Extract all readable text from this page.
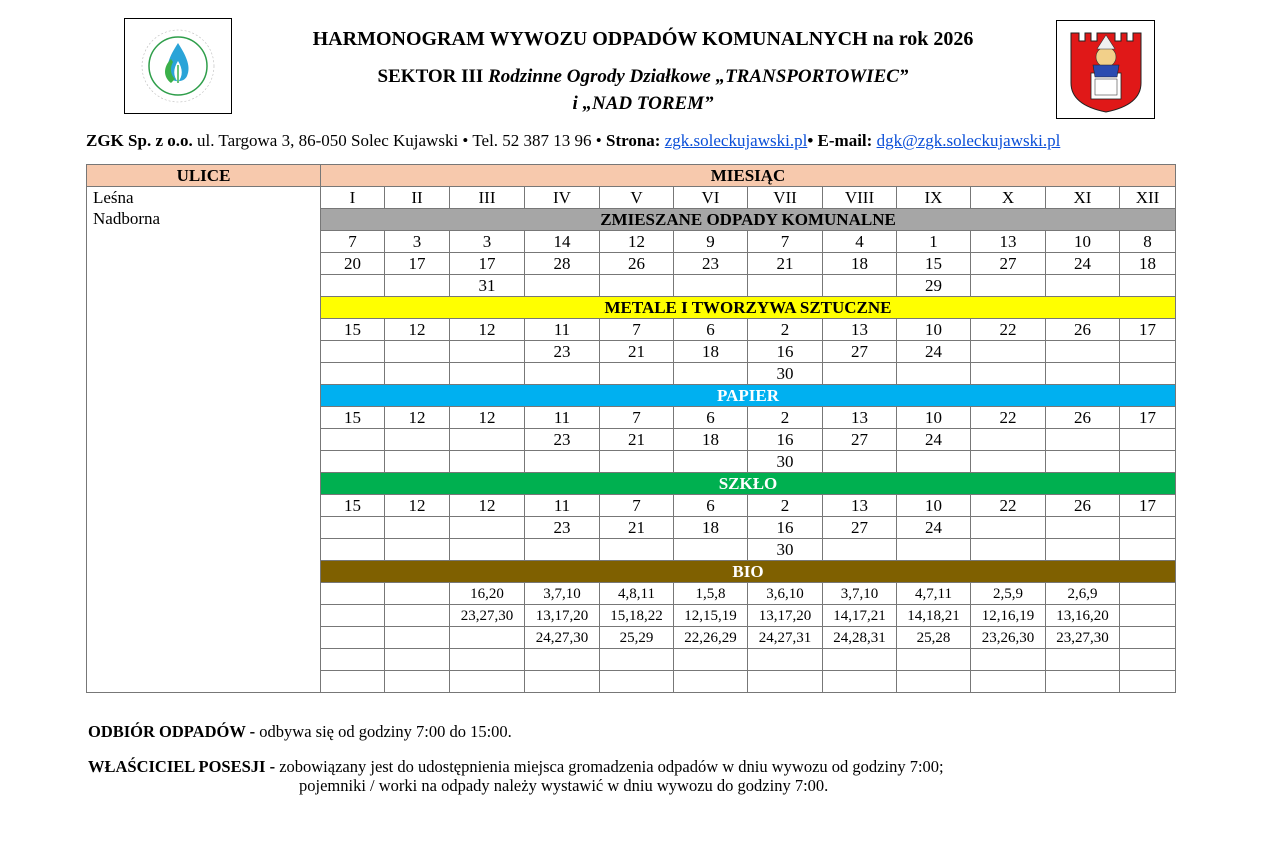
HARMONOGRAM WYWOZU ODPADÓW KOMUNALNYCH na rok 2026
SEKTOR III Rodzinne Ogrody Działkowe „TRANSPORTOWIEC”
i „NAD TOREM”
ZGK Sp. z o.o. ul. Targowa 3, 86-050 Solec Kujawski • Tel. 52 387 13 96 • Strona: zgk.soleckujawski.pl• E-mail: dgk@zgk.soleckujawski.pl
ULICE	MIESIĄC											

Leśna
Nadborna	I	II	III	IV	V	VI	VII	VIII	IX	X	XI	XII
	ZMIESZANE ODPADY KOMUNALNE											
	7	3	3	14	12	9	7	4	1	13	10	8
	20	17	17	28	26	23	21	18	15	27	24	18
			31						29			
	METALE I TWORZYWA SZTUCZNE											
	15	12	12	11	7	6	2	13	10	22	26	17
				23	21	18	16	27	24			
							30					
	PAPIER											
	15	12	12	11	7	6	2	13	10	22	26	17
				23	21	18	16	27	24			
							30					
	SZKŁO											
	15	12	12	11	7	6	2	13	10	22	26	17
				23	21	18	16	27	24			
							30					
	BIO											
			16,20	3,7,10	4,8,11	1,5,8	3,6,10	3,7,10	4,7,11	2,5,9	2,6,9	
			23,27,30	13,17,20	15,18,22	12,15,19	13,17,20	14,17,21	14,18,21	12,16,19	13,16,20	
				24,27,30	25,29	22,26,29	24,27,31	24,28,31	25,28	23,26,30	23,27,30	

ODBIÓR ODPADÓW - odbywa się od godziny 7:00 do 15:00.
WŁAŚCICIEL POSESJI - zobowiązany jest do udostępnienia miejsca gromadzenia odpadów w dniu wywozu od godziny 7:00;
pojemniki / worki na odpady należy wystawić w dniu wywozu do godziny 7:00.
